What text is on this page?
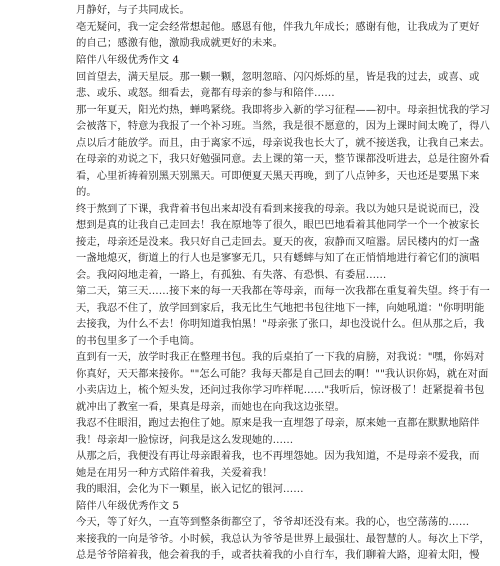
月静好，与子共同成长。
亳无疑问，我一定会经常想起他。感恩有他，伴我九年成长；感谢有他，让我成为了更好
的自己；感激有他，激励我成就更好的未来。
陪伴八年级优秀作文 4
回首望去，满天星辰。那一颗一颗，忽明忽暗、闪闪烁烁的星，皆是我的过去，或喜、或
悲、或乐、或怒。细看去，竟都有母亲的参与和陪伴……
那一年夏天，阳光灼热，蝉鸣紧绕。我即将步入新的学习征程——初中。母亲担忧我的学习
会被落下，特意为我报了一个补习班。当然，我是很不愿意的，因为上课时间太晚了，得八
点以后才能放学。而且，由于离家不远，母亲说我也长大了，就不接送我，让我自己来去。
在母亲的劝说之下，我只好勉强同意。去上课的第一天，整节课都没听进去，总是往窗外看
看，心里祈祷着别黑天别黑天。可即便夏天黑天再晚，到了八点钟多，天也还是要黑下来
的。
终于熬到了下课，我背着书包出来却没有看到来接我的母亲。我以为她只是说说而已，没
想到是真的让我自己走回去！我在原地等了很久，眼巴巴地看着其他同学一个一个被家长
接走，母亲还是没来。我只好自己走回去。夏天的夜，寂静而又喧嚣。居民楼内的灯一盏
一盏地熄灭，街道上的行人也是寥寥无几，只有蟋蟀与知了在正悄悄地进行着它们的演唱
会。我闷闷地走着，一路上，有孤独、有失落、有恐惧、有委屈……
第二天，第三天……接下来的每一天我都在等母亲，而每一次我都在重复着失望。终于有一
天，我忍不住了，放学回到家后，我无比生气地把书包往地下一摔，向她吼道："你明明能
去接我，为什么不去！你明知道我怕黑！"母亲张了张口，却也没说什么。但从那之后，我
的书包里多了一个手电筒。
直到有一天，放学时我正在整理书包。我的后桌拍了一下我的肩膀，对我说："嘿，你妈对
你真好，天天都来接你。""怎么可能？我每天都是自己回去的啊！""我认识你妈，就在对面
小卖店边上，梳个短头发，还问过我你学习咋样呢……"我听后，惊讶极了！赶紧提着书包
就冲出了教室一看，果真是母亲，而她也在向我这边张望。
我忍不住眼泪，跑过去抱住了她。原来是我一直埋怨了母亲，原来她一直都在默默地陪伴
我！母亲却一脸惊讶，问我是这么发现她的……
从那之后，我便没有再让母亲跟着我，也不再埋怨她。因为我知道，不是母亲不爱我，而
她是在用另一种方式陪伴着我，关爱着我！
我的眼泪，会化为下一颗星，嵌入记忆的银河……
陪伴八年级优秀作文 5
今天，等了好久，一直等到整条街都空了，爷爷却还没有来。我的心，也空荡荡的……
来接我的一向是爷爷。小时候，我总认为爷爷是世界上最强壮、最智慧的人。每次上下学，
总是爷爷陪着我，他会着我的手，或者扶着我的小自行车，我们聊着大路，迎着太阳，慢
